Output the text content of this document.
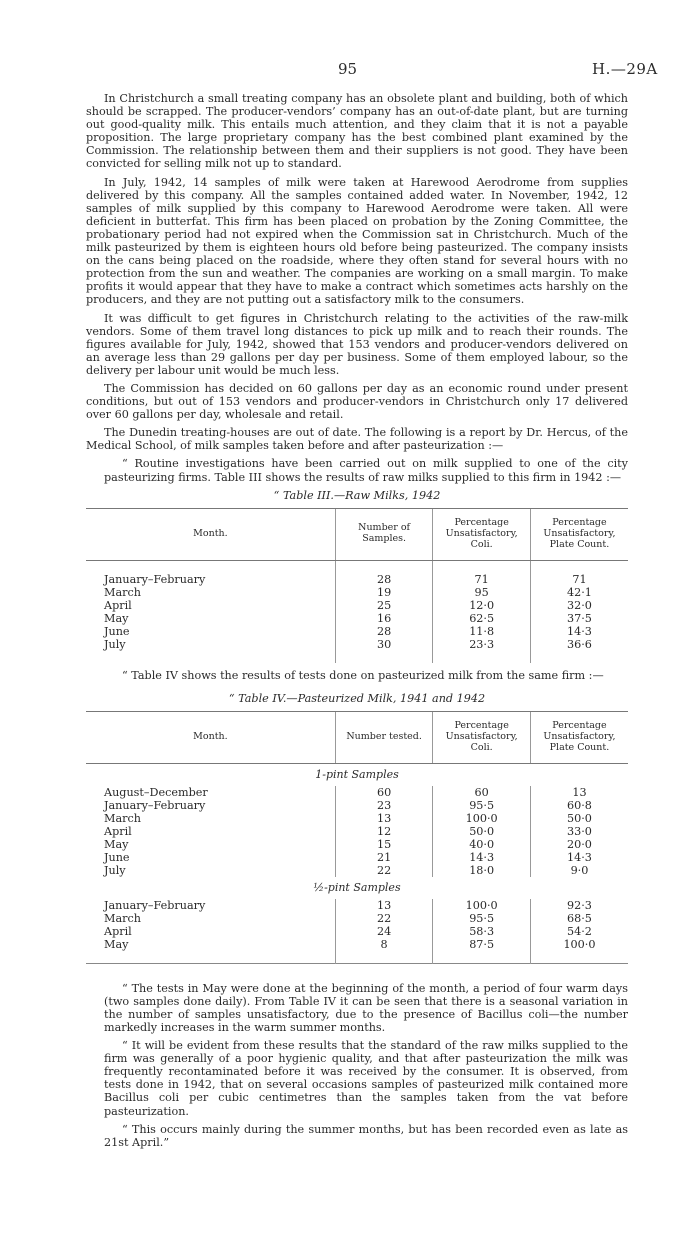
95	H.—29A

In Christchurch a small treating company has an obsolete plant and building, both of which should be scrapped. The producer-vendors’ company has an out-of-date plant, but are turning out good-quality milk. This entails much attention, and they claim that it is not a payable proposition. The large proprietary company has the best combined plant examined by the Commission. The relationship between them and their suppliers is not good. They have been convicted for selling milk not up to standard.

In July, 1942, 14 samples of milk were taken at Harewood Aerodrome from supplies delivered by this company. All the samples contained added water. In November, 1942, 12 samples of milk supplied by this company to Harewood Aerodrome were taken. All were deficient in butterfat. This firm has been placed on probation by the Zoning Committee, the probationary period had not expired when the Commission sat in Christchurch. Much of the milk pasteurized by them is eighteen hours old before being pasteurized. The company insists on the cans being placed on the roadside, where they often stand for several hours with no protection from the sun and weather. The companies are working on a small margin. To make profits it would appear that they have to make a contract which sometimes acts harshly on the producers, and they are not putting out a satisfactory milk to the consumers.

It was difficult to get figures in Christchurch relating to the activities of the raw-milk vendors. Some of them travel long distances to pick up milk and to reach their rounds. The figures available for July, 1942, showed that 153 vendors and producer-vendors delivered on an average less than 29 gallons per day per business. Some of them employed labour, so the delivery per labour unit would be much less.

The Commission has decided on 60 gallons per day as an economic round under present conditions, but out of 153 vendors and producer-vendors in Christchurch only 17 delivered over 60 gallons per day, wholesale and retail.

The Dunedin treating-houses are out of date. The following is a report by Dr. Hercus, of the Medical School, of milk samples taken before and after pasteurization :—

“ Routine investigations have been carried out on milk supplied to one of the city pasteurizing firms. Table III shows the results of raw milks supplied to this firm in 1942 :—

“ Table III.—Raw Milks, 1942
Month.	Number of Samples.	Percentage Unsatisfactory, Coli.	Percentage Unsatisfactory, Plate Count.

January–February	28	71	71
March	19	95	42·1
April	25	12·0	32·0
May	16	62·5	37·5
June	28	11·8	14·3
July	30	23·3	36·6

“ Table IV shows the results of tests done on pasteurized milk from the same firm :—

“ Table IV.—Pasteurized Milk, 1941 and 1942
Month.	Number tested.	Percentage Unsatisfactory, Coli.	Percentage Unsatisfactory, Plate Count.
1-pint Samples			
August–December	60	60	13
January–February	23	95·5	60·8
March	13	100·0	50·0
April	12	50·0	33·0
May	15	40·0	20·0
June	21	14·3	14·3
July	22	18·0	9·0
½-pint Samples			
January–February	13	100·0	92·3
March	22	95·5	68·5
April	24	58·3	54·2
May	8	87·5	100·0

“ The tests in May were done at the beginning of the month, a period of four warm days (two samples done daily). From Table IV it can be seen that there is a seasonal variation in the number of samples unsatisfactory, due to the presence of Bacillus coli—the number markedly increases in the warm summer months.

“ It will be evident from these results that the standard of the raw milks supplied to the firm was generally of a poor hygienic quality, and that after pasteurization the milk was frequently recontaminated before it was received by the consumer. It is observed, from tests done in 1942, that on several occasions samples of pasteurized milk contained more Bacillus coli per cubic centimetres than the samples taken from the vat before pasteurization.

“ This occurs mainly during the summer months, but has been recorded even as late as 21st April.”
